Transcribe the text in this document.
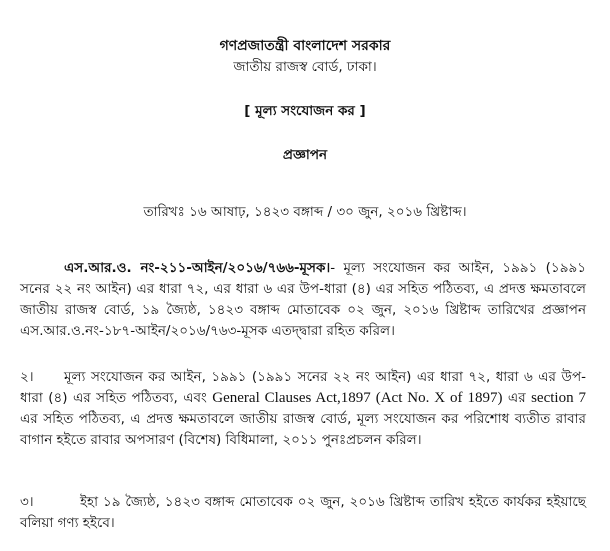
গণপ্রজাতন্ত্রী বাংলাদেশ সরকার
জাতীয় রাজস্ব বোর্ড, ঢাকা।
[ মূল্য সংযোজন কর ]
প্রজ্ঞাপন
তারিখঃ ১৬ আষাঢ়, ১৪২৩ বঙ্গাব্দ / ৩০ জুন, ২০১৬ খ্রিষ্টাব্দ।

এস.আর.ও. নং-২১১-আইন/২০১৬/৭৬৬-মূসক।- মূল্য সংযোজন কর আইন, ১৯৯১ (১৯৯১ সনের ২২ নং আইন) এর ধারা ৭২, এর ধারা ৬ এর উপ-ধারা (৪) এর সহিত পঠিতব্য, এ প্রদত্ত ক্ষমতাবলে জাতীয় রাজস্ব বোর্ড, ১৯ জ্যৈষ্ঠ, ১৪২৩ বঙ্গাব্দ মোতাবেক ০২ জুন, ২০১৬ খ্রিষ্টাব্দ তারিখের প্রজ্ঞাপন এস.আর.ও.নং-১৮৭-আইন/২০১৬/৭৬৩-মূসক এতদ্দ্বারা রহিত করিল।

২। মূল্য সংযোজন কর আইন, ১৯৯১ (১৯৯১ সনের ২২ নং আইন) এর ধারা ৭২, ধারা ৬ এর উপ-ধারা (৪) এর সহিত পঠিতব্য, এবং General Clauses Act,1897 (Act No. X of 1897) এর section 7 এর সহিত পঠিতব্য, এ প্রদত্ত ক্ষমতাবলে জাতীয় রাজস্ব বোর্ড, মূল্য সংযোজন কর পরিশোধ ব্যতীত রাবার বাগান হইতে রাবার অপসারণ (বিশেষ) বিধিমালা, ২০১১ পুনঃপ্রচলন করিল।

৩।	ইহা ১৯ জ্যৈষ্ঠ, ১৪২৩ বঙ্গাব্দ মোতাবেক ০২ জুন, ২০১৬ খ্রিষ্টাব্দ তারিখ হইতে কার্যকর হইয়াছে বলিয়া গণ্য হইবে।
